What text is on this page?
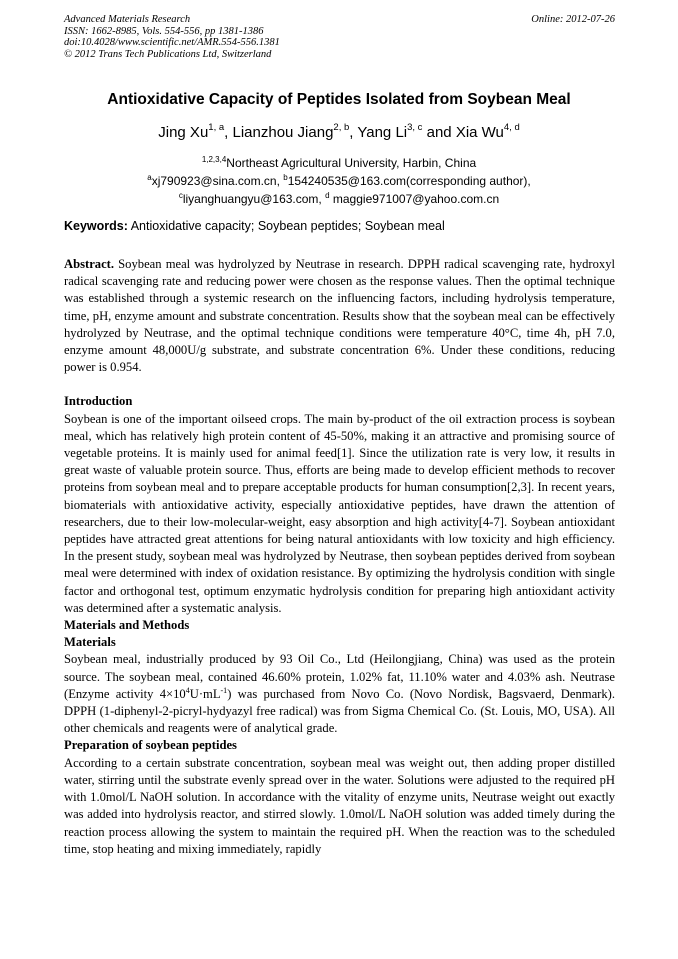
Advanced Materials Research
ISSN: 1662-8985, Vols. 554-556, pp 1381-1386
doi:10.4028/www.scientific.net/AMR.554-556.1381
© 2012 Trans Tech Publications Ltd, Switzerland
Online: 2012-07-26
Antioxidative Capacity of Peptides Isolated from Soybean Meal
Jing Xu$^{1, a}$, Lianzhou Jiang$^{2, b}$, Yang Li$^{3, c}$ and Xia Wu$^{4, d}$
$^{1,2,3,4}$Northeast Agricultural University, Harbin, China
$^a$xj790923@sina.com.cn, $^b$154240535@163.com(corresponding author),
$^c$liyanghuangyu@163.com, $^d$ maggie971007@yahoo.com.cn
Keywords: Antioxidative capacity; Soybean peptides; Soybean meal

Abstract. Soybean meal was hydrolyzed by Neutrase in research. DPPH radical scavenging rate, hydroxyl radical scavenging rate and reducing power were chosen as the response values. Then the optimal technique was established through a systemic research on the influencing factors, including hydrolysis temperature, time, pH, enzyme amount and substrate concentration. Results show that the soybean meal can be effectively hydrolyzed by Neutrase, and the optimal technique conditions were temperature 40°C, time 4h, pH 7.0, enzyme amount 48,000U/g substrate, and substrate concentration 6%. Under these conditions, reducing power is 0.954.

Introduction

Soybean is one of the important oilseed crops. The main by-product of the oil extraction process is soybean meal, which has relatively high protein content of 45-50%, making it an attractive and promising source of vegetable proteins. It is mainly used for animal feed[1]. Since the utilization rate is very low, it results in great waste of valuable protein source. Thus, efforts are being made to develop efficient methods to recover proteins from soybean meal and to prepare acceptable products for human consumption[2,3]. In recent years, biomaterials with antioxidative activity, especially antioxidative peptides, have drawn the attention of researchers, due to their low-molecular-weight, easy absorption and high activity[4-7]. Soybean antioxidant peptides have attracted great attentions for being natural antioxidants with low toxicity and high efficiency. In the present study, soybean meal was hydrolyzed by Neutrase, then soybean peptides derived from soybean meal were determined with index of oxidation resistance. By optimizing the hydrolysis condition with single factor and orthogonal test, optimum enzymatic hydrolysis condition for preparing high antioxidant activity was determined after a systematic analysis.

Materials and Methods

Materials

Soybean meal, industrially produced by 93 Oil Co., Ltd (Heilongjiang, China) was used as the protein source. The soybean meal, contained 46.60% protein, 1.02% fat, 11.10% water and 4.03% ash. Neutrase (Enzyme activity $4\times 10^4U\cdot mL^{-1}$) was purchased from Novo Co. (Novo Nordisk, Bagsvaerd, Denmark). DPPH (1-diphenyl-2-picryl-hydyazyl free radical) was from Sigma Chemical Co. (St. Louis, MO, USA). All other chemicals and reagents were of analytical grade.

Preparation of soybean peptides

According to a certain substrate concentration, soybean meal was weight out, then adding proper distilled water, stirring until the substrate evenly spread over in the water. Solutions were adjusted to the required pH with 1.0mol/L NaOH solution. In accordance with the vitality of enzyme units, Neutrase weight out exactly was added into hydrolysis reactor, and stirred slowly. 1.0mol/L NaOH solution was added timely during the reaction process allowing the system to maintain the required pH. When the reaction was to the scheduled time, stop heating and mixing immediately, rapidly
